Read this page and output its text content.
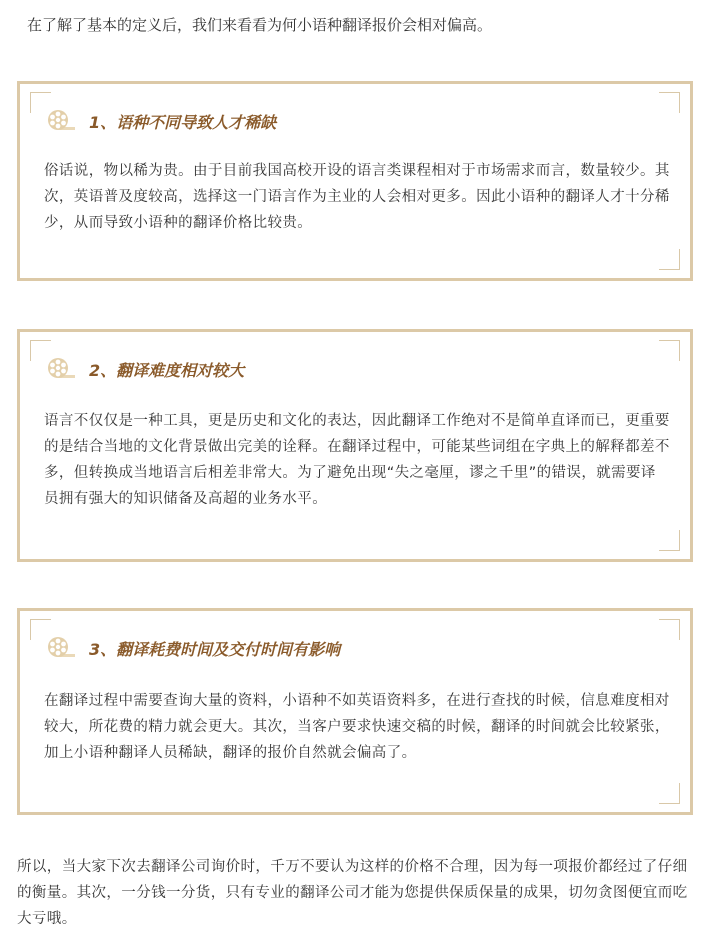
在了解了基本的定义后，我们来看看为何小语种翻译报价会相对偏高。

1、语种不同导致人才稀缺
俗话说，物以稀为贵。由于目前我国高校开设的语言类课程相对于市场需求而言，数量较少。其次，英语普及度较高，选择这一门语言作为主业的人会相对更多。因此小语种的翻译人才十分稀少，从而导致小语种的翻译价格比较贵。
2、翻译难度相对较大
语言不仅仅是一种工具，更是历史和文化的表达，因此翻译工作绝对不是简单直译而已，更重要的是结合当地的文化背景做出完美的诠释。在翻译过程中，可能某些词组在字典上的解释都差不多，但转换成当地语言后相差非常大。为了避免出现“失之毫厘，谬之千里”的错误，就需要译员拥有强大的知识储备及高超的业务水平。
3、翻译耗费时间及交付时间有影响
在翻译过程中需要查询大量的资料，小语种不如英语资料多，在进行查找的时候，信息难度相对较大，所花费的精力就会更大。其次，当客户要求快速交稿的时候，翻译的时间就会比较紧张，加上小语种翻译人员稀缺，翻译的报价自然就会偏高了。

所以，当大家下次去翻译公司询价时，千万不要认为这样的价格不合理，因为每一项报价都经过了仔细的衡量。其次，一分钱一分货，只有专业的翻译公司才能为您提供保质保量的成果，切勿贪图便宜而吃大亏哦。
